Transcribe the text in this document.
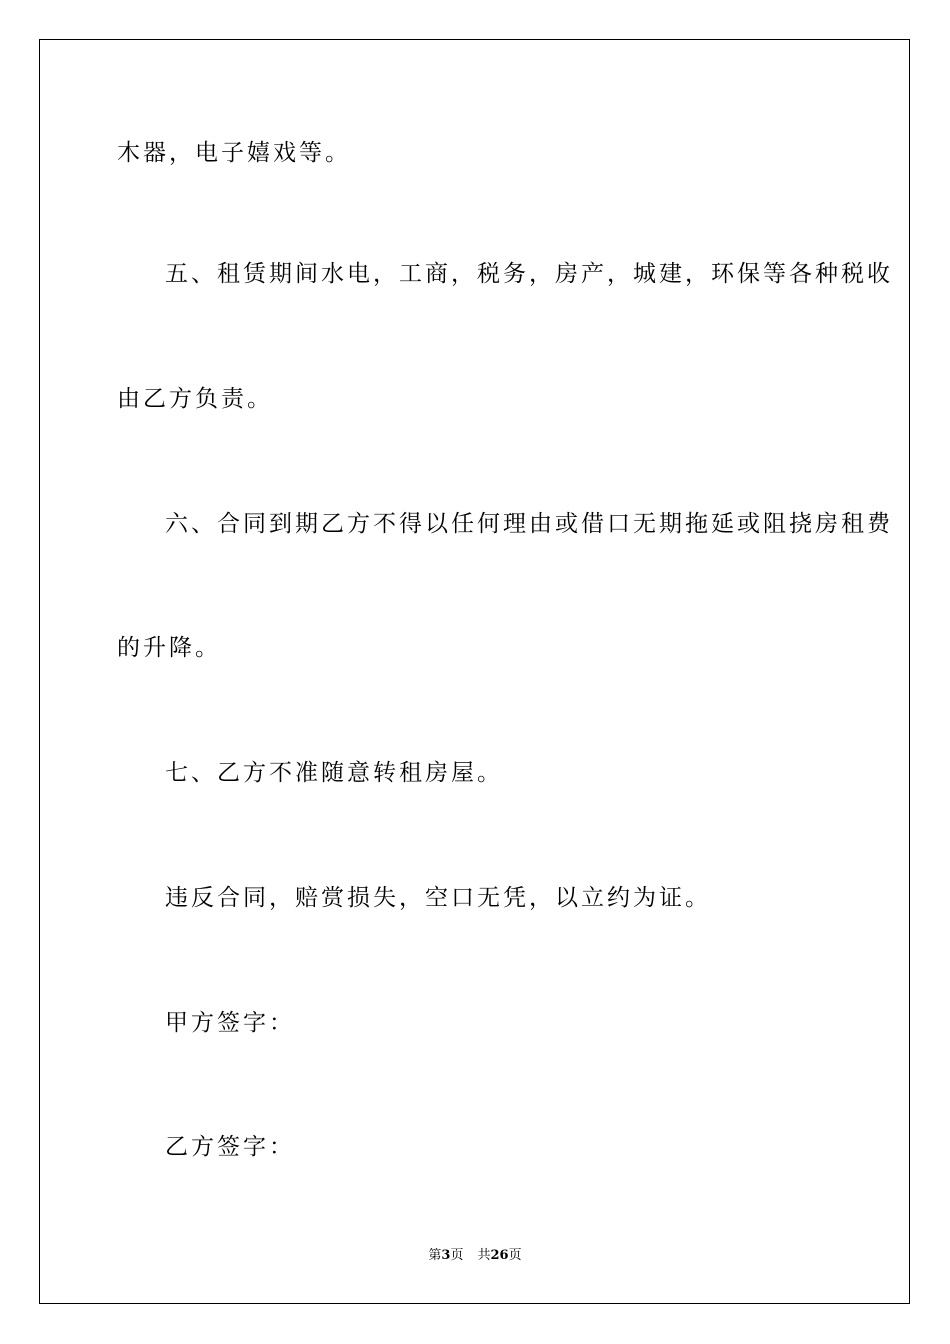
木器，电子嬉戏等。
五、租赁期间水电，工商，税务，房产，城建，环保等各种税收
由乙方负责。
六、合同到期乙方不得以任何理由或借口无期拖延或阻挠房租费
的升降。
七、乙方不准随意转租房屋。
违反合同，赔赏损失，空口无凭，以立约为证。
甲方签字：
乙方签字：
第3页 共26页
